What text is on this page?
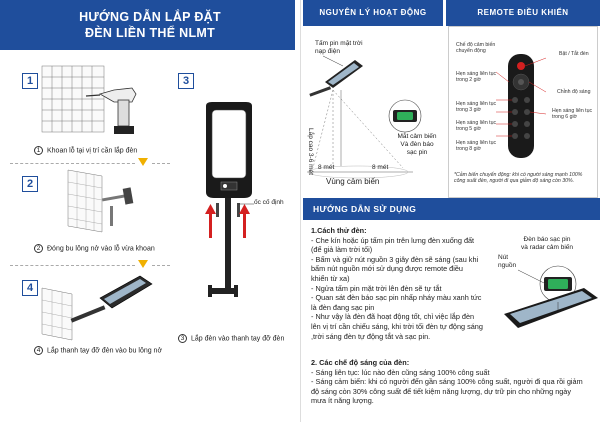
HƯỚNG DẪN LẮP ĐẶT
ĐÈN LIỀN THỂ NLMT
1
1 Khoan lỗ tại vị trí cần lắp đèn
2
2 Đóng bu lông nở vào lỗ vừa khoan
4
4 Lắp thanh tay đỡ đèn vào bu lông nở
3
ốc cố định
3 Lắp đèn vào thanh tay đỡ đèn
NGUYÊN LÝ HOẠT ĐỘNG
Tấm pin mặt trời
nạp điện
Lắp cao 3-6 mét	Mắt cảm biến
Và đèn báo
sạc pin
8 mét	8 mét
Vùng cảm biến
REMOTE ĐIỀU KHIỂN
Chế độ cảm biến
chuyển động
Hẹn sáng liên tục
trong 2 giờ
Hẹn sáng liên tục
trong 3 giờ
Hẹn sáng liên tục
trong 5 giờ
Hẹn sáng liên tục
trong 8 giờ
Bật / Tắt đèn
Chỉnh độ sáng
Hẹn sáng liên tục
trong 6 giờ
*Cảm biến chuyển động: khi có người sáng mạnh 100%
công suất đèn, người đi qua giảm độ sáng còn 30%.
HƯỚNG DẪN SỬ DỤNG

1.Cách thử đèn:

- Che kín hoặc úp tấm pin trên lưng đèn xuống đất

(để giả làm trời tối)

- Bấm và giữ nút nguồn 3 giây đèn sẽ sáng (sau khi

bấm nút nguồn mới sử dụng được remote điều

khiển từ xa)

- Ngửa tấm pin mặt trời lên đèn sẽ tự tắt

- Quan sát đèn báo sạc pin nhấp nháy màu xanh tức

là đèn đang sạc pin

- Như vậy là đèn đã hoạt động tốt, chỉ việc lắp đèn

lên vị trí cần chiếu sáng, khi trời tối đèn tự động sáng

,trời sáng đèn tự động tắt và sạc pin.

2. Các chế độ sáng của đèn:

- Sáng liên tục: lúc nào đèn cũng sáng 100% công suất

- Sáng cảm biến: khi có người đến gần sáng 100% công suất, người đi qua rồi giảm

độ sáng còn 30% công suất để tiết kiệm năng lượng, dự trữ pin cho những ngày

mưa ít năng lượng.

Đèn báo sạc pin
và radar cảm biến
Nút
nguồn
